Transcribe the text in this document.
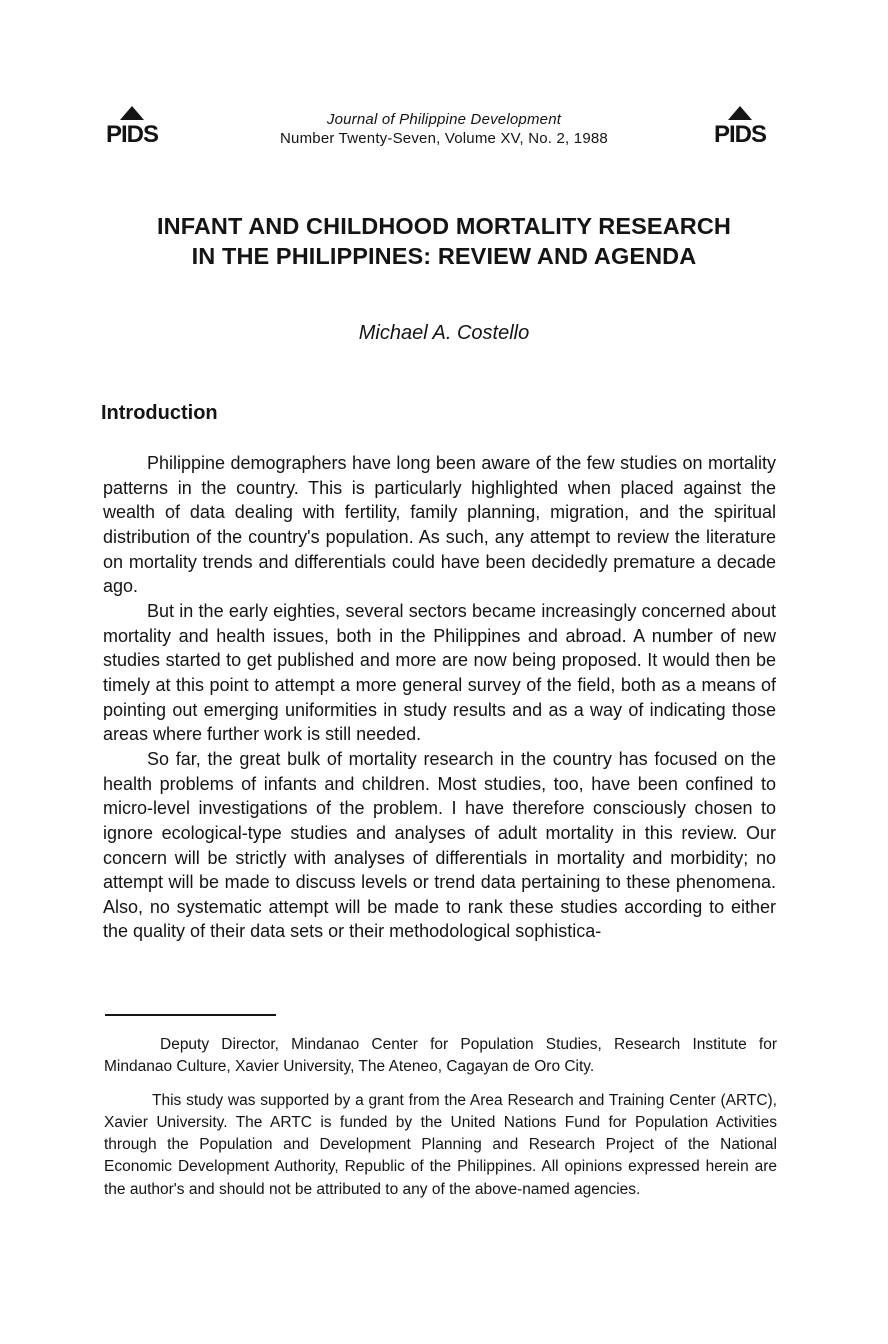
PIDS
Journal of Philippine Development
Number Twenty-Seven, Volume XV, No. 2, 1988	PIDS
INFANT AND CHILDHOOD MORTALITY RESEARCH
IN THE PHILIPPINES: REVIEW AND AGENDA
Michael A. Costello
Introduction

Philippine demographers have long been aware of the few studies on mortality patterns in the country. This is particularly highlighted when placed against the wealth of data dealing with fertility, family planning, migration, and the spiritual distribution of the country's population. As such, any attempt to review the literature on mortality trends and differentials could have been decidedly premature a decade ago.

But in the early eighties, several sectors became increasingly concerned about mortality and health issues, both in the Philippines and abroad. A number of new studies started to get published and more are now being proposed. It would then be timely at this point to attempt a more general survey of the field, both as a means of pointing out emerging uniformities in study results and as a way of indicating those areas where further work is still needed.

So far, the great bulk of mortality research in the country has focused on the health problems of infants and children. Most studies, too, have been confined to micro-level investigations of the problem. I have therefore consciously chosen to ignore ecological-type studies and analyses of adult mortality in this review. Our concern will be strictly with analyses of differentials in mortality and morbidity; no attempt will be made to discuss levels or trend data pertaining to these phenomena. Also, no systematic attempt will be made to rank these studies according to either the quality of their data sets or their methodological sophistica-

Deputy Director, Mindanao Center for Population Studies, Research Institute for Mindanao Culture, Xavier University, The Ateneo, Cagayan de Oro City.

This study was supported by a grant from the Area Research and Training Center (ARTC), Xavier University. The ARTC is funded by the United Nations Fund for Population Activities through the Population and Development Planning and Research Project of the National Economic Development Authority, Republic of the Philippines. All opinions expressed herein are the author's and should not be attributed to any of the above-named agencies.
